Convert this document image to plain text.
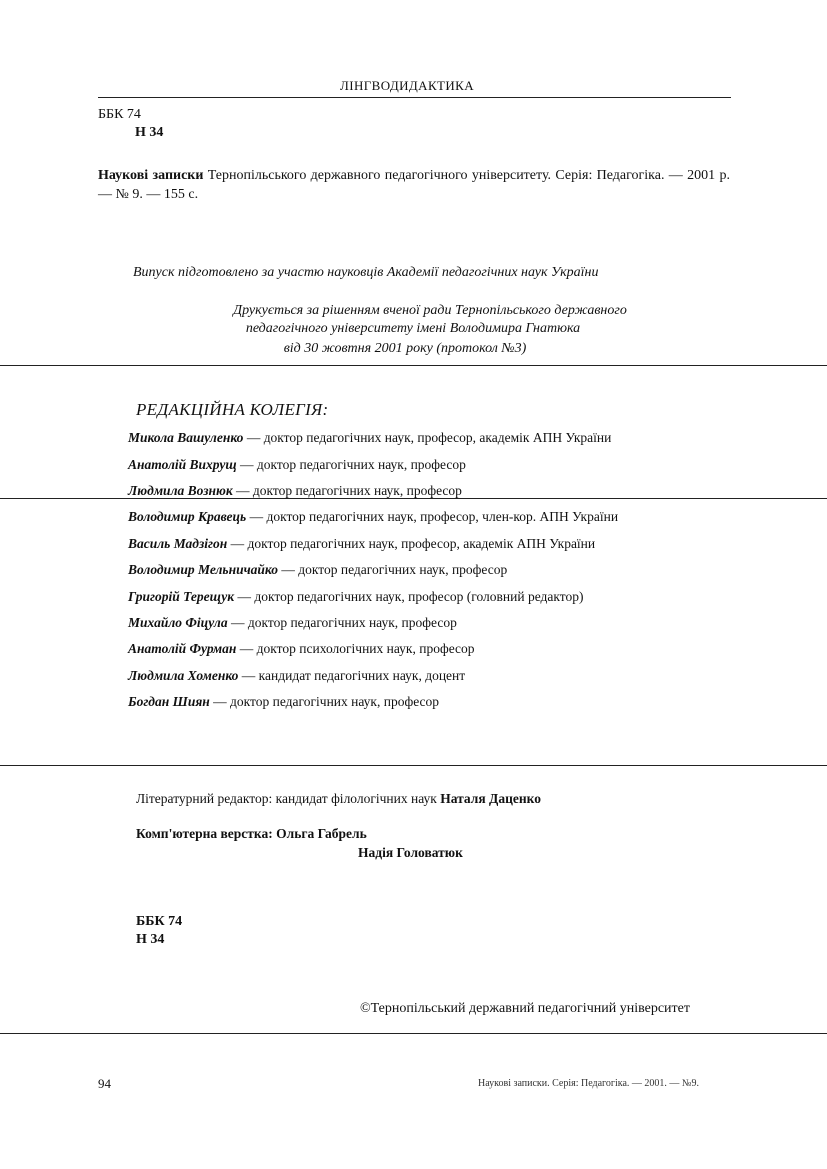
ЛІНГВОДИДАКТИКА
ББК 74
Н 34
Наукові записки Тернопільського державного педагогічного університету. Серія: Педагогіка. — 2001 р. — № 9. — 155 с.
Випуск підготовлено за участю науковців Академії педагогічних наук України
Друкується за рішенням вченої ради Тернопільського державного
педагогічного університету імені Володимира Гнатюка
від 30 жовтня 2001 року (протокол №3)
РЕДАКЦІЙНА КОЛЕГІЯ:
Микола Вашуленко — доктор педагогічних наук, професор, академік АПН України
Анатолій Вихрущ — доктор педагогічних наук, професор
Людмила Вознюк — доктор педагогічних наук, професор
Володимир Кравець — доктор педагогічних наук, професор, член-кор. АПН України
Василь Мадзігон — доктор педагогічних наук, професор, академік АПН України
Володимир Мельничайко — доктор педагогічних наук, професор
Григорій Терещук — доктор педагогічних наук, професор (головний редактор)
Михайло Фіцула — доктор педагогічних наук, професор
Анатолій Фурман — доктор психологічних наук, професор
Людмила Хоменко — кандидат педагогічних наук, доцент
Богдан Шиян — доктор педагогічних наук, професор
Літературний редактор: кандидат філологічних наук Наталя Даценко
Комп'ютерна верстка: Ольга Габрель
Надія Головатюк
ББК 74
Н 34
©Тернопільський державний педагогічний університет
94	Наукові записки. Серія: Педагогіка. — 2001. — №9.
